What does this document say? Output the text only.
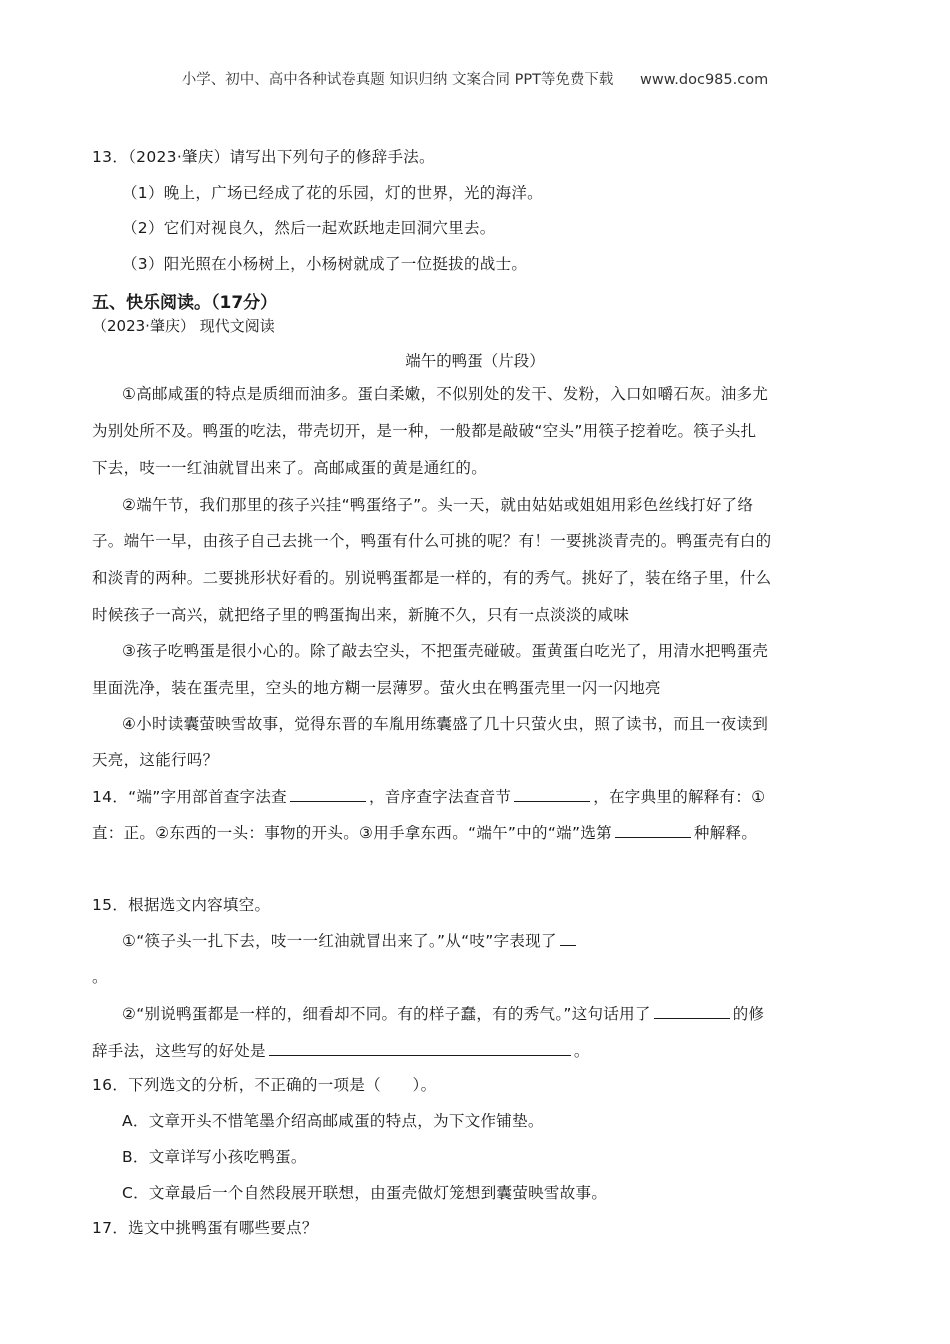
小学、初中、高中各种试卷真题 知识归纳 文案合同 PPT等免费下载 www.doc985.com
13．（2023·肇庆）请写出下列句子的修辞手法。
（1）晚上，广场已经成了花的乐园，灯的世界，光的海洋。
（2）它们对视良久，然后一起欢跃地走回洞穴里去。
（3）阳光照在小杨树上，小杨树就成了一位挺拔的战士。
五、快乐阅读。（17分）
（2023·肇庆） 现代文阅读
端午的鸭蛋（片段）
①高邮咸蛋的特点是质细而油多。蛋白柔嫩，不似别处的发干、发粉，入口如嚼石灰。油多尤
为别处所不及。鸭蛋的吃法，带壳切开，是一种，一般都是敲破“空头”用筷子挖着吃。筷子头扎
下去，吱一一红油就冒出来了。高邮咸蛋的黄是通红的。
②端午节，我们那里的孩子兴挂“鸭蛋络子”。头一天，就由姑姑或姐姐用彩色丝线打好了络
子。端午一早，由孩子自己去挑一个，鸭蛋有什么可挑的呢？有！一要挑淡青壳的。鸭蛋壳有白的
和淡青的两种。二要挑形状好看的。别说鸭蛋都是一样的，有的秀气。挑好了，装在络子里，什么
时候孩子一高兴，就把络子里的鸭蛋掏出来，新腌不久，只有一点淡淡的咸味
③孩子吃鸭蛋是很小心的。除了敲去空头，不把蛋壳碰破。蛋黄蛋白吃光了，用清水把鸭蛋壳
里面洗净，装在蛋壳里，空头的地方糊一层薄罗。萤火虫在鸭蛋壳里一闪一闪地亮
④小时读囊萤映雪故事，觉得东晋的车胤用练囊盛了几十只萤火虫，照了读书，而且一夜读到
天亮，这能行吗？
14．“端”字用部首查字法查	，音序查字法查音节	，在字典里的解释有：①
直：正。②东西的一头：事物的开头。③用手拿东西。“端午”中的“端”选第	种解释。
15．根据选文内容填空。
①“筷子头一扎下去，吱一一红油就冒出来了。”从“吱”字表现了
。
②“别说鸭蛋都是一样的，细看却不同。有的样子蠢，有的秀气。”这句话用了	的修
辞手法，这些写的好处是	。
16．下列选文的分析，不正确的一项是（　　）。
A．文章开头不惜笔墨介绍高邮咸蛋的特点，为下文作铺垫。
B．文章详写小孩吃鸭蛋。
C．文章最后一个自然段展开联想，由蛋壳做灯笼想到囊萤映雪故事。
17．选文中挑鸭蛋有哪些要点？
